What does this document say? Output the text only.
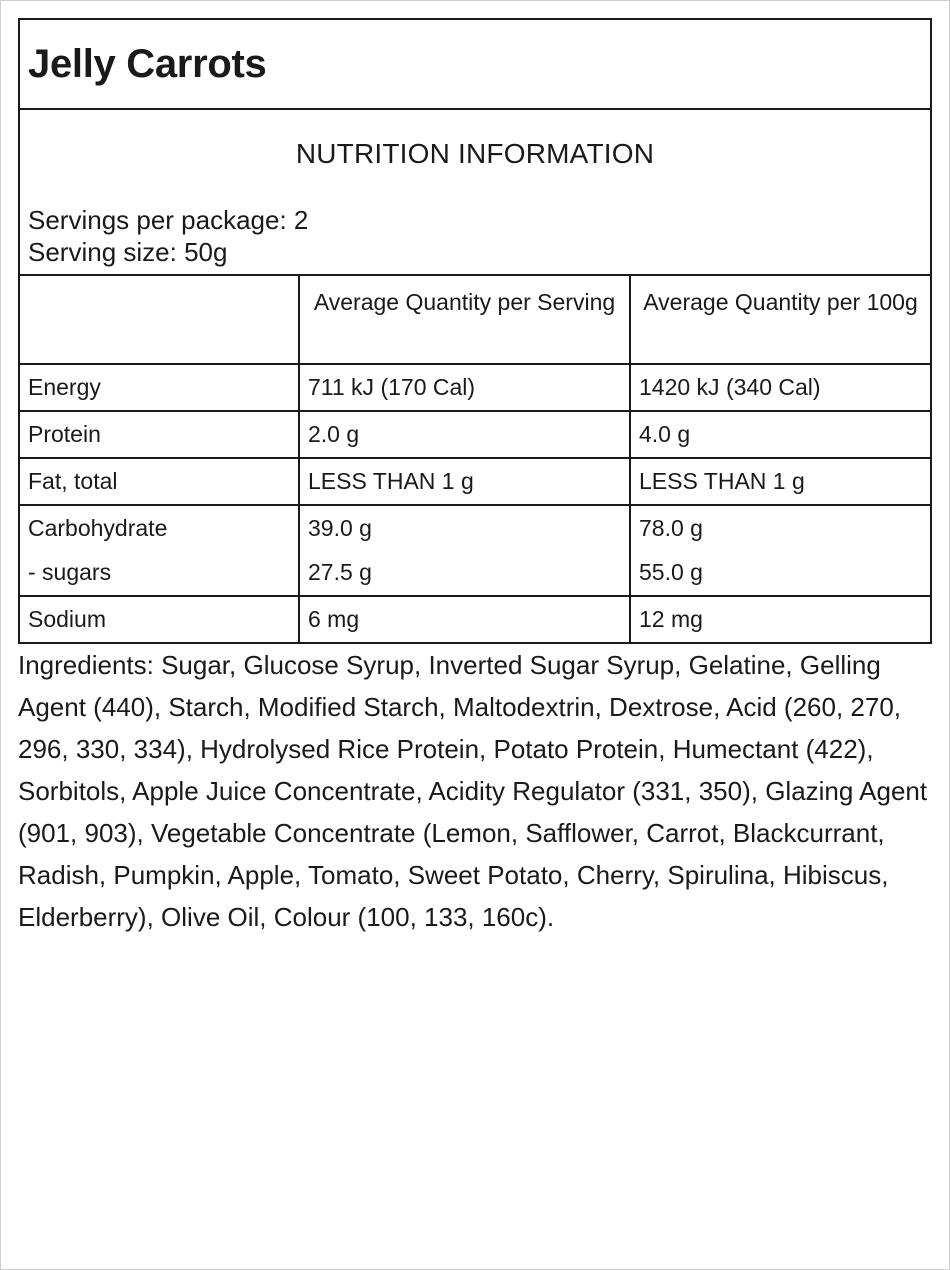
Jelly Carrots
NUTRITION INFORMATION
Servings per package: 2
Serving size: 50g
	Average Quantity per Serving	Average Quantity per 100g
Energy	711 kJ (170 Cal)	1420 kJ (340 Cal)
Protein	2.0 g	4.0 g
Fat, total	LESS THAN 1 g	LESS THAN 1 g
Carbohydrate	39.0 g	78.0 g
- sugars	27.5 g	55.0 g
Sodium	6 mg	12 mg
Ingredients: Sugar, Glucose Syrup, Inverted Sugar Syrup, Gelatine, Gelling Agent (440), Starch, Modified Starch, Maltodextrin, Dextrose, Acid (260, 270, 296, 330, 334), Hydrolysed Rice Protein, Potato Protein, Humectant (422), Sorbitols, Apple Juice Concentrate, Acidity Regulator (331, 350), Glazing Agent (901, 903), Vegetable Concentrate (Lemon, Safflower, Carrot, Blackcurrant, Radish, Pumpkin, Apple, Tomato, Sweet Potato, Cherry, Spirulina, Hibiscus, Elderberry), Olive Oil, Colour (100, 133, 160c).
